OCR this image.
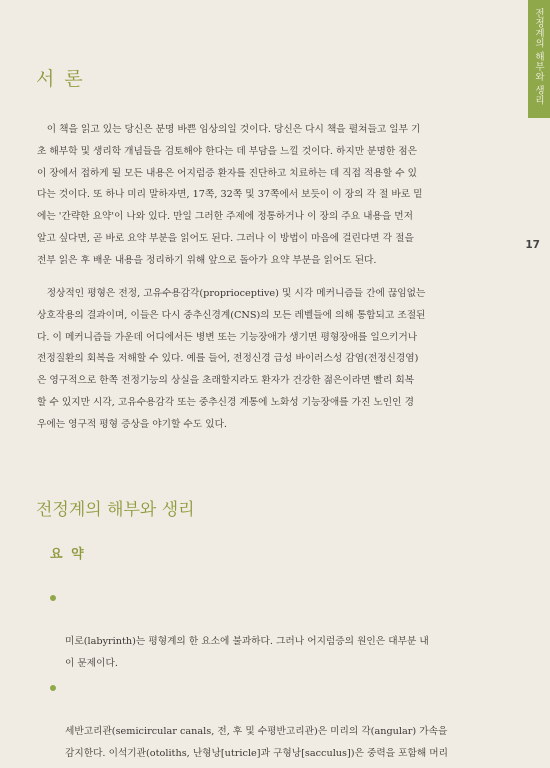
전정계의 해부와 생리
17
서 론

이 책을 읽고 있는 당신은 분명 바쁜 임상의일 것이다. 당신은 다시 책을 펼쳐들고 일부 기
초 해부학 및 생리학 개념들을 검토해야 한다는 데 부담을 느낄 것이다. 하지만 분명한 점은
이 장에서 접하게 될 모든 내용은 어지럼증 환자를 진단하고 치료하는 데 직접 적용할 수 있
다는 것이다. 또 하나 미리 말하자면, 17쪽, 32쪽 및 37쪽에서 보듯이 이 장의 각 절 바로 밑
에는 '간략한 요약'이 나와 있다. 만일 그러한 주제에 정통하거나 이 장의 주요 내용을 먼저
알고 싶다면, 곧 바로 요약 부분을 읽어도 된다. 그러나 이 방법이 마음에 걸린다면 각 절을
전부 읽은 후 배운 내용을 정리하기 위해 앞으로 돌아가 요약 부분을 읽어도 된다.

정상적인 평형은 전정, 고유수용감각(proprioceptive) 및 시각 메커니즘들 간에 끊임없는
상호작용의 결과이며, 이들은 다시 중추신경계(CNS)의 모든 레벨들에 의해 통합되고 조절된
다. 이 메커니즘들 가운데 어디에서든 병변 또는 기능장애가 생기면 평형장애를 일으키거나
전정질환의 회복을 저해할 수 있다. 예를 들어, 전정신경 급성 바이러스성 감염(전정신경염)
은 영구적으로 한쪽 전정기능의 상실을 초래할지라도 환자가 건강한 젊은이라면 빨리 회복
할 수 있지만 시각, 고유수용감각 또는 중추신경 계통에 노화성 기능장애를 가진 노인인 경
우에는 영구적 평형 증상을 야기할 수도 있다.

전정계의 해부와 생리
요 약

미로(labyrinth)는 평형계의 한 요소에 불과하다. 그러나 어지럼증의 원인은 대부분 내
이 문제이다.

세반고리관(semicircular canals, 전, 후 및 수평반고리관)은 미리의 각(angular) 가속을
감지한다. 이석기관(otoliths, 난형낭[utricle]과 구형낭[sacculus])은 중력을 포함해 머리
